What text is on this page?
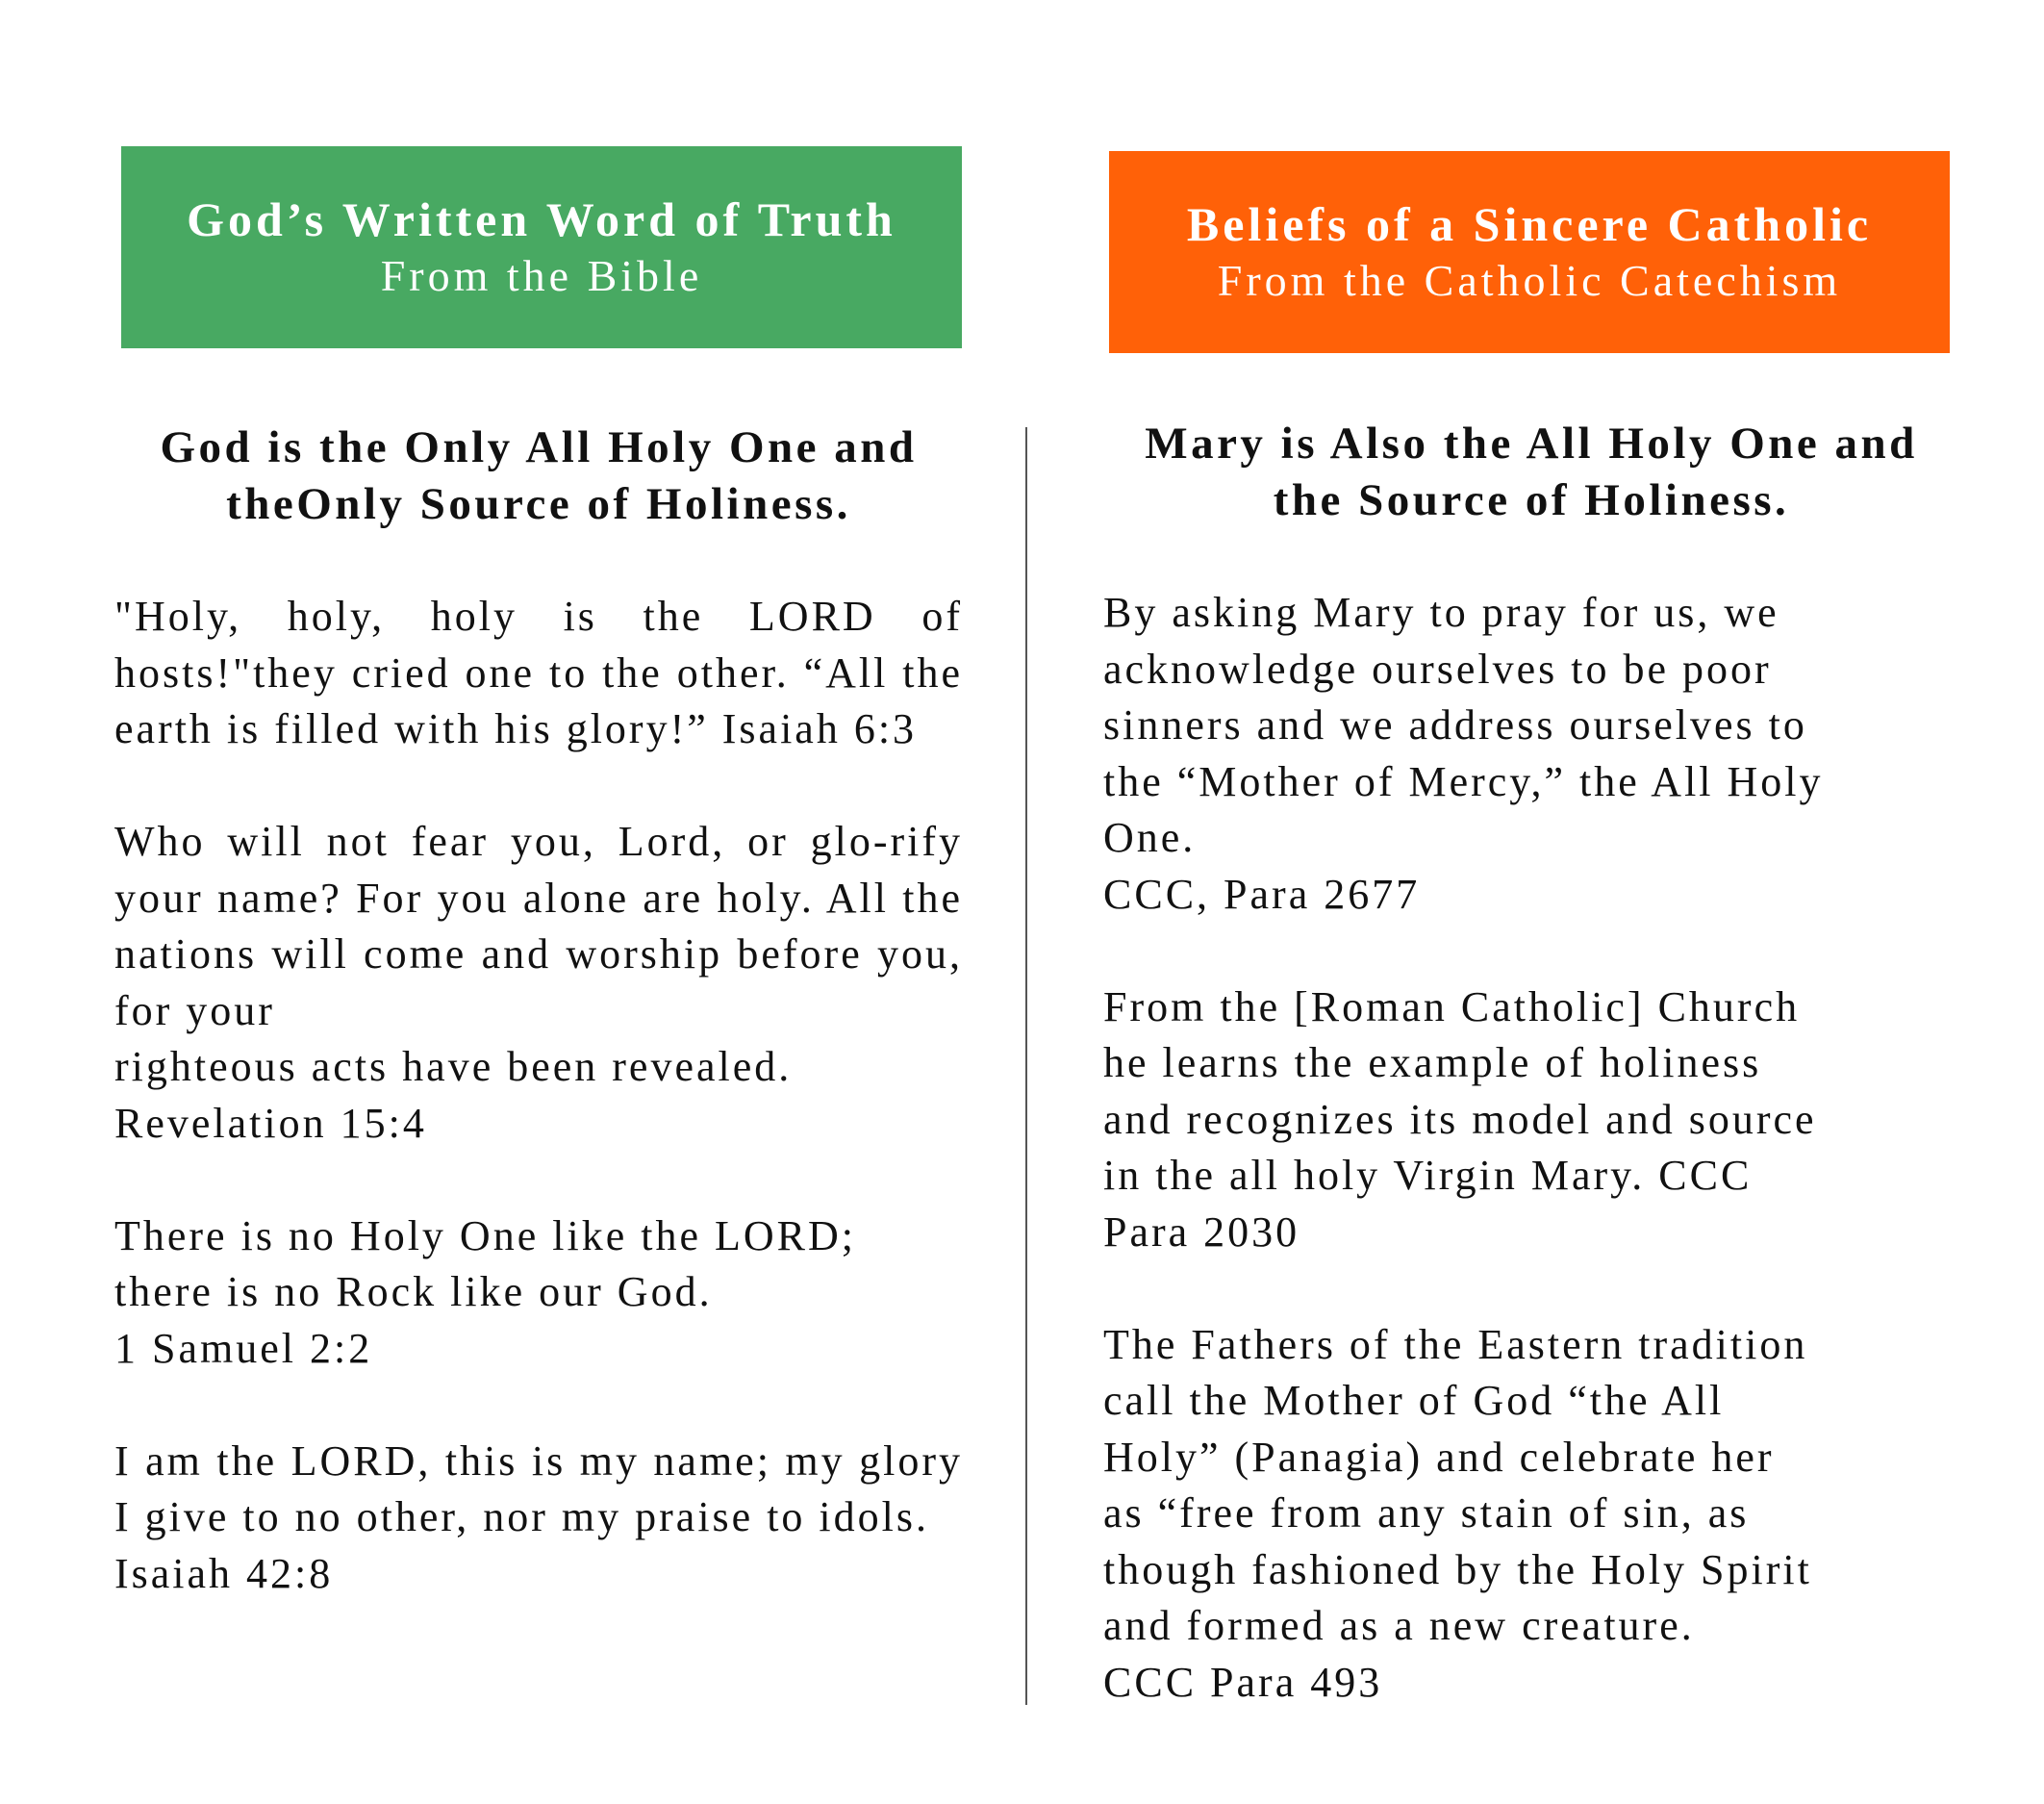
God’s Written Word of Truth
From the Bible
Beliefs of a Sincere Catholic
From the Catholic Catechism
God is the Only All Holy One and theOnly Source of Holiness.
"Holy, holy, holy is the LORD of hosts!"they cried one to the other. “All the earth is filled with his glory!” Isaiah 6:3
Who will not fear you, Lord, or glo-rify your name? For you alone are holy. All the nations will come and worship before you, for your
righteous acts have been revealed.
Revelation 15:4
There is no Holy One like the LORD;
there is no Rock like our God.
1 Samuel 2:2
I am the LORD, this is my name; my glory I give to no other, nor my praise to idols.
Isaiah 42:8
Mary is Also the All Holy One and the Source of Holiness.
By asking Mary to pray for us, we
acknowledge ourselves to be poor
sinners and we address ourselves to
the “Mother of Mercy,” the All Holy
One.
CCC, Para 2677
From the [Roman Catholic] Church
he learns the example of holiness
and recognizes its model and source
in the all holy Virgin Mary. CCC
Para 2030
The Fathers of the Eastern tradition
call the Mother of God “the All
Holy” (Panagia) and celebrate her
as “free from any stain of sin, as
though fashioned by the Holy Spirit
and formed as a new creature.
CCC Para 493
